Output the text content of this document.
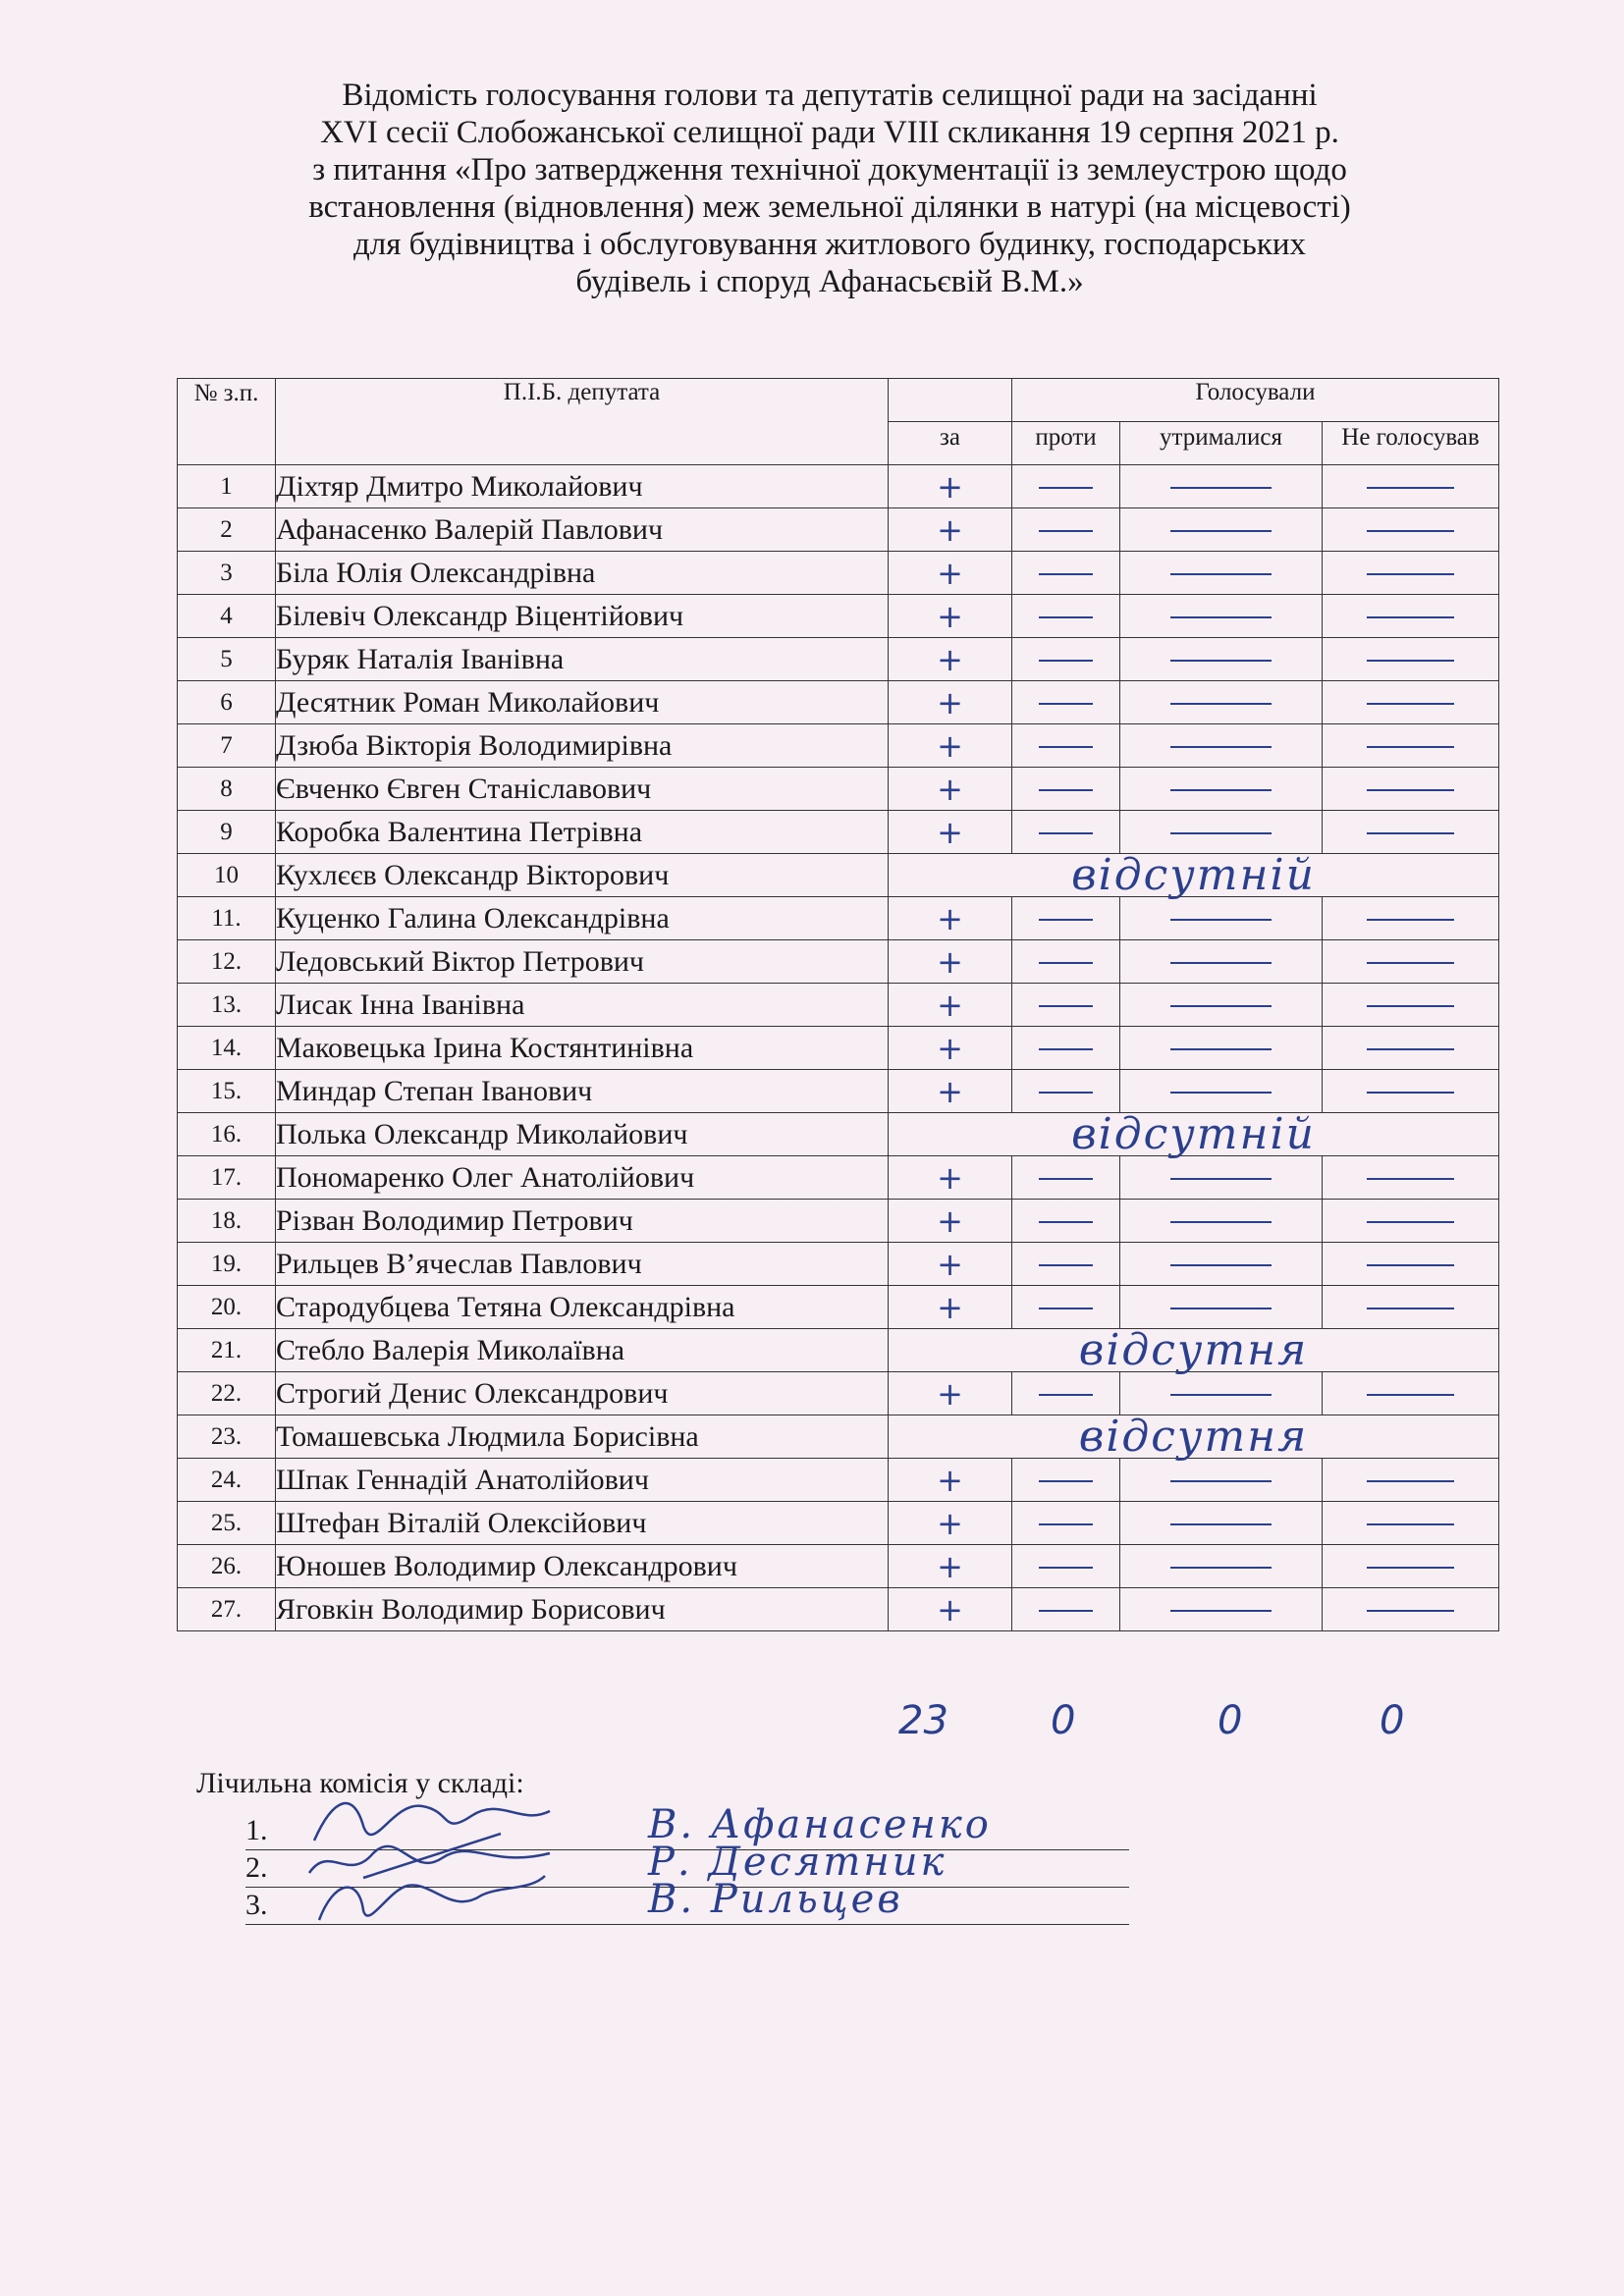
Відомість голосування голови та депутатів селищної ради на засіданні
XVI сесії Слобожанської селищної ради VIII скликання 19 серпня 2021 р.
з питання «Про затвердження технічної документації із землеустрою щодо
встановлення (відновлення) меж земельної ділянки в натурі (на місцевості)
для будівництва і обслуговування житлового будинку, господарських
будівель і споруд Афанасьєвій В.М.»
№ з.п.	П.І.Б. депутата		Голосували		
		за	проти	утрималися	Не голосував
1	Діхтяр Дмитро Миколайович	+			

2	Афанасенко Валерій Павлович	+			

3	Біла Юлія Олександрівна	+			

4	Білевіч Олександр Віцентійович	+			

5	Буряк Наталія Іванівна	+			

6	Десятник Роман Миколайович	+			

7	Дзюба Вікторія Володимирівна	+			

8	Євченко Євген Станіславович	+			

9	Коробка Валентина Петрівна	+			

10	Кухлєєв Олександр Вікторович	відсутній			

11.	Куценко Галина Олександрівна	+			

12.	Ледовський Віктор Петрович	+			

13.	Лисак Інна Іванівна	+			

14.	Маковецька Ірина Костянтинівна	+			

15.	Миндар Степан Іванович	+			

16.	Полька Олександр Миколайович	відсутній			

17.	Пономаренко Олег Анатолійович	+			

18.	Різван Володимир Петрович	+			

19.	Рильцев В’ячеслав Павлович	+			

20.	Стародубцева Тетяна Олександрівна	+			

21.	Стебло Валерія Миколаївна	відсутня			

22.	Строгий Денис Олександрович	+			

23.	Томашевська Людмила Борисівна	відсутня			

24.	Шпак Геннадій Анатолійович	+			

25.	Штефан Віталій Олексійович	+			

26.	Юношев Володимир Олександрович	+			

27.	Яговкін Володимир Борисович	+			

23	0	0	0
Лічильна комісія у складі:
1.	В. Афанасенко
2.	Р. Десятник
3.	В. Рильцев
